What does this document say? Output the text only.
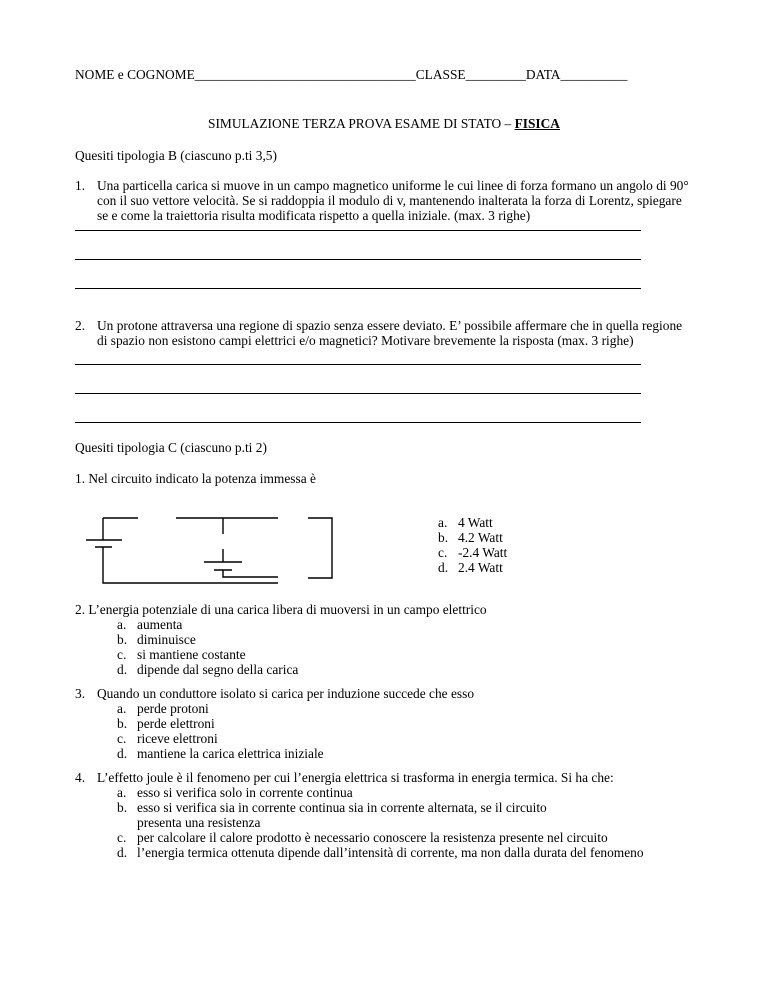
NOME e COGNOME_________________________________CLASSE_________DATA__________
SIMULAZIONE TERZA PROVA ESAME DI STATO – FISICA
Quesiti tipologia B (ciascuno p.ti 3,5)
1. Una particella carica si muove in un campo magnetico uniforme le cui linee di forza formano un angolo di 90° con il suo vettore velocità. Se si raddoppia il modulo di v, mantenendo inalterata la forza di Lorentz, spiegare se e come la traiettoria risulta modificata rispetto a quella iniziale. (max. 3 righe)
2. Un protone attraversa una regione di spazio senza essere deviato. E’ possibile affermare che in quella regione di spazio non esistono campi elettrici e/o magnetici? Motivare brevemente la risposta (max. 3 righe)
Quesiti tipologia C (ciascuno p.ti 2)
1. Nel circuito indicato la potenza immessa è
a. 4 Watt
b. 4.2 Watt
c. -2.4 Watt
d. 2.4 Watt
2. L’energia potenziale di una carica libera di muoversi in un campo elettrico
a. aumenta
b. diminuisce
c. si mantiene costante
d. dipende dal segno della carica
3. Quando un conduttore isolato si carica per induzione succede che esso
a. perde protoni
b. perde elettroni
c. riceve elettroni
d. mantiene la carica elettrica iniziale
4. L’effetto joule è il fenomeno per cui l’energia elettrica si trasforma in energia termica. Si ha che:
a. esso si verifica solo in corrente continua
b. esso si verifica sia in corrente continua sia in corrente alternata, se il circuito presenta una resistenza
c. per calcolare il calore prodotto è necessario conoscere la resistenza presente nel circuito
d. l’energia termica ottenuta dipende dall’intensità di corrente, ma non dalla durata del fenomeno
